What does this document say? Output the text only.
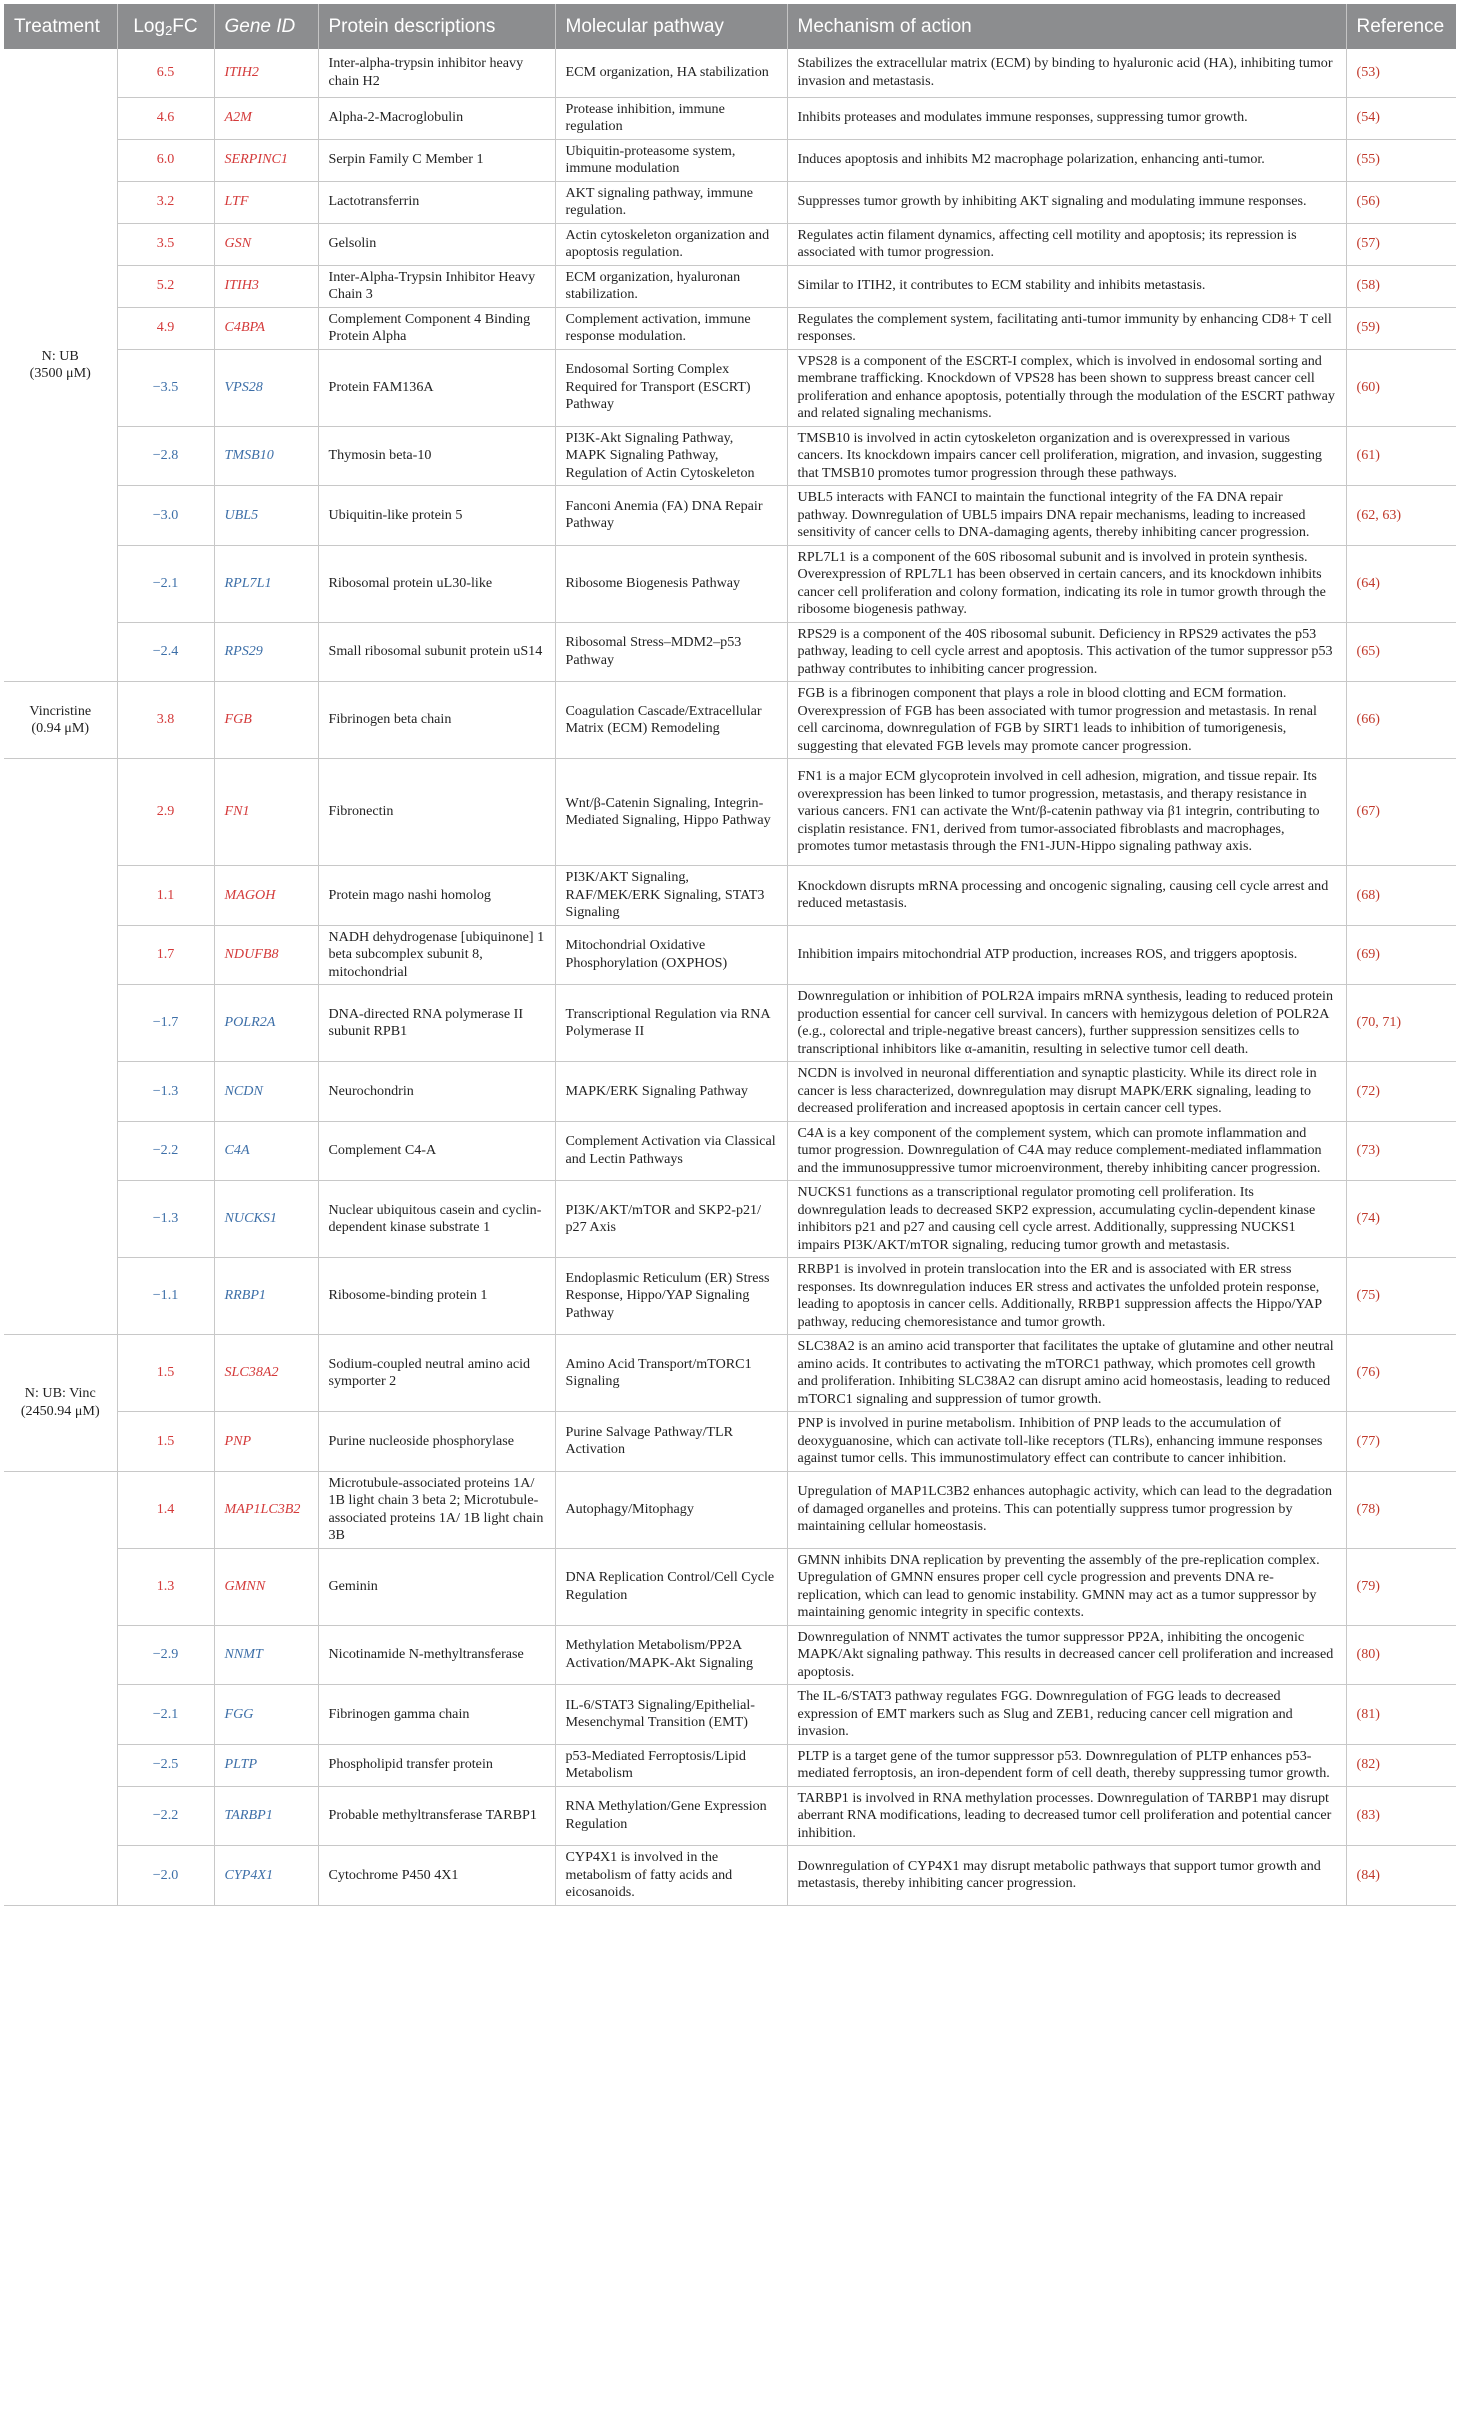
Treatment	Log$_2$FC	Gene ID	Protein descriptions	Molecular pathway	Mechanism of action	Reference
N: UB
(3500 μM)	6.5	ITIH2	Inter-alpha-trypsin inhibitor heavy chain H2	ECM organization, HA stabilization	Stabilizes the extracellular matrix (ECM) by binding to hyaluronic acid (HA), inhibiting tumor invasion and metastasis.	(53)
	4.6	A2M	Alpha-2-Macroglobulin	Protease inhibition, immune regulation	Inhibits proteases and modulates immune responses, suppressing tumor growth.	(54)
	6.0	SERPINC1	Serpin Family C Member 1	Ubiquitin-proteasome system, immune modulation	Induces apoptosis and inhibits M2 macrophage polarization, enhancing anti-tumor.	(55)
	3.2	LTF	Lactotransferrin	AKT signaling pathway, immune regulation.	Suppresses tumor growth by inhibiting AKT signaling and modulating immune responses.	(56)
	3.5	GSN	Gelsolin	Actin cytoskeleton organization and apoptosis regulation.	Regulates actin filament dynamics, affecting cell motility and apoptosis; its repression is associated with tumor progression.	(57)
	5.2	ITIH3	Inter-Alpha-Trypsin Inhibitor Heavy Chain 3	ECM organization, hyaluronan stabilization.	Similar to ITIH2, it contributes to ECM stability and inhibits metastasis.	(58)
	4.9	C4BPA	Complement Component 4 Binding Protein Alpha	Complement activation, immune response modulation.	Regulates the complement system, facilitating anti-tumor immunity by enhancing CD8+ T cell responses.	(59)
	−3.5	VPS28	Protein FAM136A	Endosomal Sorting Complex Required for Transport (ESCRT) Pathway	VPS28 is a component of the ESCRT-I complex, which is involved in endosomal sorting and membrane trafficking. Knockdown of VPS28 has been shown to suppress breast cancer cell proliferation and enhance apoptosis, potentially through the modulation of the ESCRT pathway and related signaling mechanisms.	(60)
	−2.8	TMSB10	Thymosin beta-10	PI3K-Akt Signaling Pathway, MAPK Signaling Pathway, Regulation of Actin Cytoskeleton	TMSB10 is involved in actin cytoskeleton organization and is overexpressed in various cancers. Its knockdown impairs cancer cell proliferation, migration, and invasion, suggesting that TMSB10 promotes tumor progression through these pathways.	(61)
	−3.0	UBL5	Ubiquitin-like protein 5	Fanconi Anemia (FA) DNA Repair Pathway	UBL5 interacts with FANCI to maintain the functional integrity of the FA DNA repair pathway. Downregulation of UBL5 impairs DNA repair mechanisms, leading to increased sensitivity of cancer cells to DNA-damaging agents, thereby inhibiting cancer progression.	(62, 63)
	−2.1	RPL7L1	Ribosomal protein uL30-like	Ribosome Biogenesis Pathway	RPL7L1 is a component of the 60S ribosomal subunit and is involved in protein synthesis. Overexpression of RPL7L1 has been observed in certain cancers, and its knockdown inhibits cancer cell proliferation and colony formation, indicating its role in tumor growth through the ribosome biogenesis pathway.	(64)
	−2.4	RPS29	Small ribosomal subunit protein uS14	Ribosomal Stress–MDM2–p53 Pathway	RPS29 is a component of the 40S ribosomal subunit. Deficiency in RPS29 activates the p53 pathway, leading to cell cycle arrest and apoptosis. This activation of the tumor suppressor p53 pathway contributes to inhibiting cancer progression.	(65)
Vincristine
(0.94 μM)	3.8	FGB	Fibrinogen beta chain	Coagulation Cascade/Extracellular Matrix (ECM) Remodeling	FGB is a fibrinogen component that plays a role in blood clotting and ECM formation. Overexpression of FGB has been associated with tumor progression and metastasis. In renal cell carcinoma, downregulation of FGB by SIRT1 leads to inhibition of tumorigenesis, suggesting that elevated FGB levels may promote cancer progression.	(66)
	2.9	FN1	Fibronectin	Wnt/β-Catenin Signaling, Integrin-Mediated Signaling, Hippo Pathway	FN1 is a major ECM glycoprotein involved in cell adhesion, migration, and tissue repair. Its overexpression has been linked to tumor progression, metastasis, and therapy resistance in various cancers. FN1 can activate the Wnt/β-catenin pathway via β1 integrin, contributing to cisplatin resistance. FN1, derived from tumor-associated fibroblasts and macrophages, promotes tumor metastasis through the FN1-JUN-Hippo signaling pathway axis.	(67)
	1.1	MAGOH	Protein mago nashi homolog	PI3K/AKT Signaling, RAF/MEK/ERK Signaling, STAT3 Signaling	Knockdown disrupts mRNA processing and oncogenic signaling, causing cell cycle arrest and reduced metastasis.	(68)
	1.7	NDUFB8	NADH dehydrogenase [ubiquinone] 1 beta subcomplex subunit 8, mitochondrial	Mitochondrial Oxidative Phosphorylation (OXPHOS)	Inhibition impairs mitochondrial ATP production, increases ROS, and triggers apoptosis.	(69)
	−1.7	POLR2A	DNA-directed RNA polymerase II subunit RPB1	Transcriptional Regulation via RNA Polymerase II	Downregulation or inhibition of POLR2A impairs mRNA synthesis, leading to reduced protein production essential for cancer cell survival. In cancers with hemizygous deletion of POLR2A (e.g., colorectal and triple-negative breast cancers), further suppression sensitizes cells to transcriptional inhibitors like α-amanitin, resulting in selective tumor cell death.	(70, 71)
	−1.3	NCDN	Neurochondrin	MAPK/ERK Signaling Pathway	NCDN is involved in neuronal differentiation and synaptic plasticity. While its direct role in cancer is less characterized, downregulation may disrupt MAPK/ERK signaling, leading to decreased proliferation and increased apoptosis in certain cancer cell types.	(72)
	−2.2	C4A	Complement C4-A	Complement Activation via Classical and Lectin Pathways	C4A is a key component of the complement system, which can promote inflammation and tumor progression. Downregulation of C4A may reduce complement-mediated inflammation and the immunosuppressive tumor microenvironment, thereby inhibiting cancer progression.	(73)
	−1.3	NUCKS1	Nuclear ubiquitous casein and cyclin-dependent kinase substrate 1	PI3K/AKT/mTOR and SKP2-p21/ p27 Axis	NUCKS1 functions as a transcriptional regulator promoting cell proliferation. Its downregulation leads to decreased SKP2 expression, accumulating cyclin-dependent kinase inhibitors p21 and p27 and causing cell cycle arrest. Additionally, suppressing NUCKS1 impairs PI3K/AKT/mTOR signaling, reducing tumor growth and metastasis.	(74)
	−1.1	RRBP1	Ribosome-binding protein 1	Endoplasmic Reticulum (ER) Stress Response, Hippo/YAP Signaling Pathway	RRBP1 is involved in protein translocation into the ER and is associated with ER stress responses. Its downregulation induces ER stress and activates the unfolded protein response, leading to apoptosis in cancer cells. Additionally, RRBP1 suppression affects the Hippo/YAP pathway, reducing chemoresistance and tumor growth.	(75)
N: UB: Vinc
(2450.94 μM)	1.5	SLC38A2	Sodium-coupled neutral amino acid symporter 2	Amino Acid Transport/mTORC1 Signaling	SLC38A2 is an amino acid transporter that facilitates the uptake of glutamine and other neutral amino acids. It contributes to activating the mTORC1 pathway, which promotes cell growth and proliferation. Inhibiting SLC38A2 can disrupt amino acid homeostasis, leading to reduced mTORC1 signaling and suppression of tumor growth.	(76)
	1.5	PNP	Purine nucleoside phosphorylase	Purine Salvage Pathway/TLR Activation	PNP is involved in purine metabolism. Inhibition of PNP leads to the accumulation of deoxyguanosine, which can activate toll-like receptors (TLRs), enhancing immune responses against tumor cells. This immunostimulatory effect can contribute to cancer inhibition.	(77)
	1.4	MAP1LC3B2	Microtubule-associated proteins 1A/ 1B light chain 3 beta 2; Microtubule-associated proteins 1A/ 1B light chain 3B	Autophagy/Mitophagy	Upregulation of MAP1LC3B2 enhances autophagic activity, which can lead to the degradation of damaged organelles and proteins. This can potentially suppress tumor progression by maintaining cellular homeostasis.	(78)
	1.3	GMNN	Geminin	DNA Replication Control/Cell Cycle Regulation	GMNN inhibits DNA replication by preventing the assembly of the pre-replication complex. Upregulation of GMNN ensures proper cell cycle progression and prevents DNA re-replication, which can lead to genomic instability. GMNN may act as a tumor suppressor by maintaining genomic integrity in specific contexts.	(79)
	−2.9	NNMT	Nicotinamide N-methyltransferase	Methylation Metabolism/PP2A Activation/MAPK-Akt Signaling	Downregulation of NNMT activates the tumor suppressor PP2A, inhibiting the oncogenic MAPK/Akt signaling pathway. This results in decreased cancer cell proliferation and increased apoptosis.	(80)
	−2.1	FGG	Fibrinogen gamma chain	IL-6/STAT3 Signaling/Epithelial-Mesenchymal Transition (EMT)	The IL-6/STAT3 pathway regulates FGG. Downregulation of FGG leads to decreased expression of EMT markers such as Slug and ZEB1, reducing cancer cell migration and invasion.	(81)
	−2.5	PLTP	Phospholipid transfer protein	p53-Mediated Ferroptosis/Lipid Metabolism	PLTP is a target gene of the tumor suppressor p53. Downregulation of PLTP enhances p53-mediated ferroptosis, an iron-dependent form of cell death, thereby suppressing tumor growth.	(82)
	−2.2	TARBP1	Probable methyltransferase TARBP1	RNA Methylation/Gene Expression Regulation	TARBP1 is involved in RNA methylation processes. Downregulation of TARBP1 may disrupt aberrant RNA modifications, leading to decreased tumor cell proliferation and potential cancer inhibition.	(83)
	−2.0	CYP4X1	Cytochrome P450 4X1	CYP4X1 is involved in the metabolism of fatty acids and eicosanoids.	Downregulation of CYP4X1 may disrupt metabolic pathways that support tumor growth and metastasis, thereby inhibiting cancer progression.	(84)
